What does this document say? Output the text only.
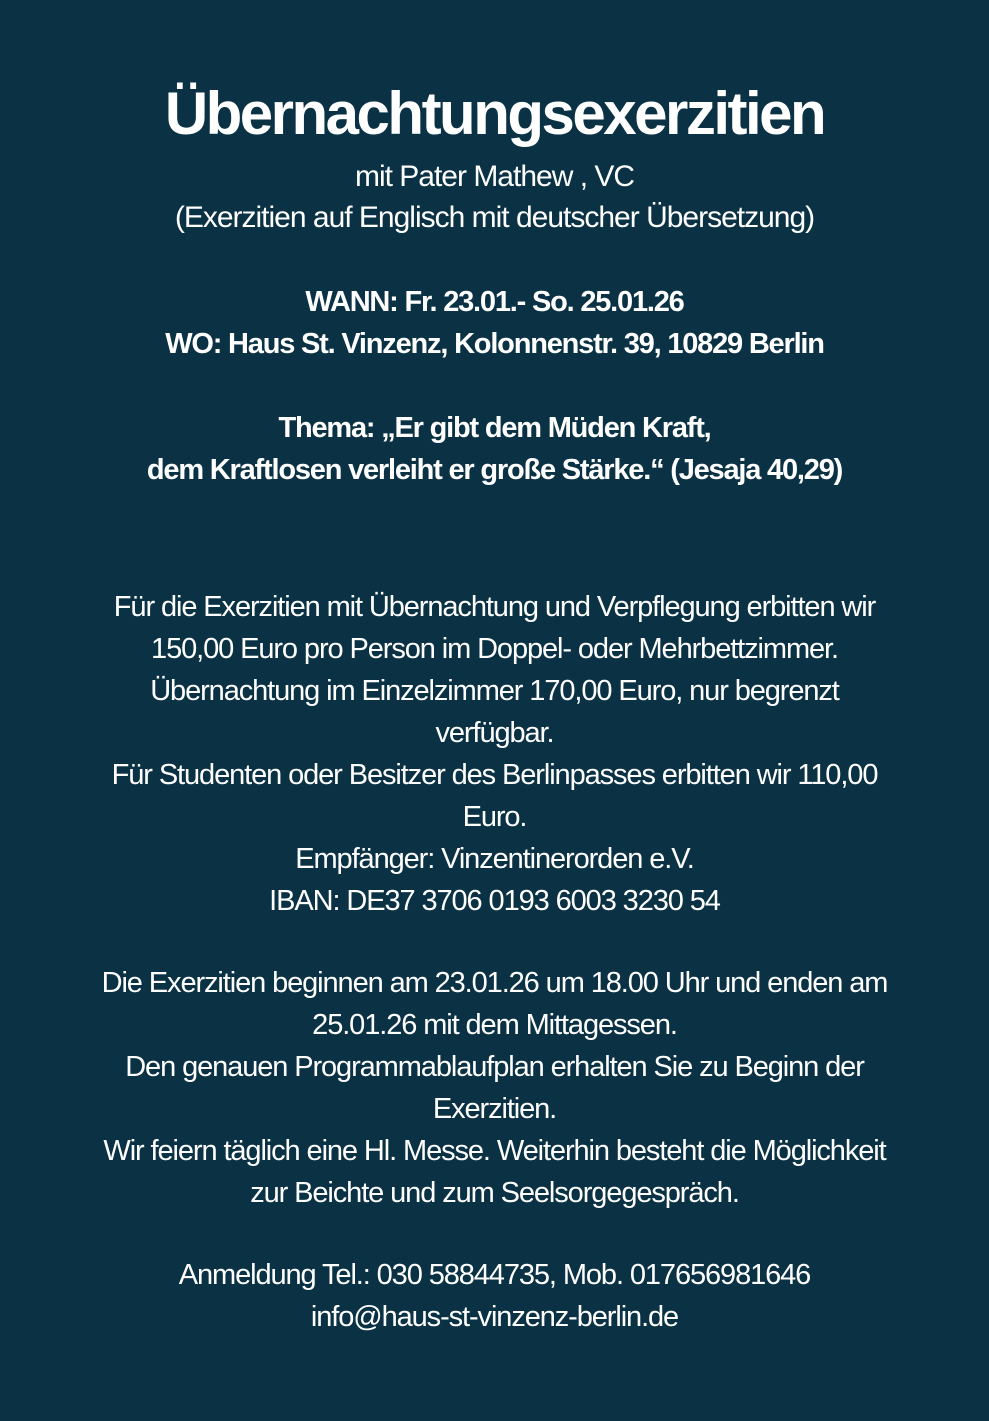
Übernachtungsexerzitien
mit Pater Mathew , VC
(Exerzitien auf Englisch mit deutscher Übersetzung)
WANN: Fr. 23.01.- So. 25.01.26
WO: Haus St. Vinzenz, Kolonnenstr. 39, 10829 Berlin
Thema: „Er gibt dem Müden Kraft,
dem Kraftlosen verleiht er große Stärke.“ (Jesaja 40,29)
Für die Exerzitien mit Übernachtung und Verpflegung erbitten wir
150,00 Euro pro Person im Doppel- oder Mehrbettzimmer.
Übernachtung im Einzelzimmer 170,00 Euro, nur begrenzt
verfügbar.
Für Studenten oder Besitzer des Berlinpasses erbitten wir 110,00
Euro.
Empfänger: Vinzentinerorden e.V.
IBAN: DE37 3706 0193 6003 3230 54
Die Exerzitien beginnen am 23.01.26 um 18.00 Uhr und enden am
25.01.26 mit dem Mittagessen.
Den genauen Programmablaufplan erhalten Sie zu Beginn der
Exerzitien.
Wir feiern täglich eine Hl. Messe. Weiterhin besteht die Möglichkeit
zur Beichte und zum Seelsorgegespräch.
Anmeldung Tel.: 030 58844735, Mob. 017656981646
info@haus-st-vinzenz-berlin.de
